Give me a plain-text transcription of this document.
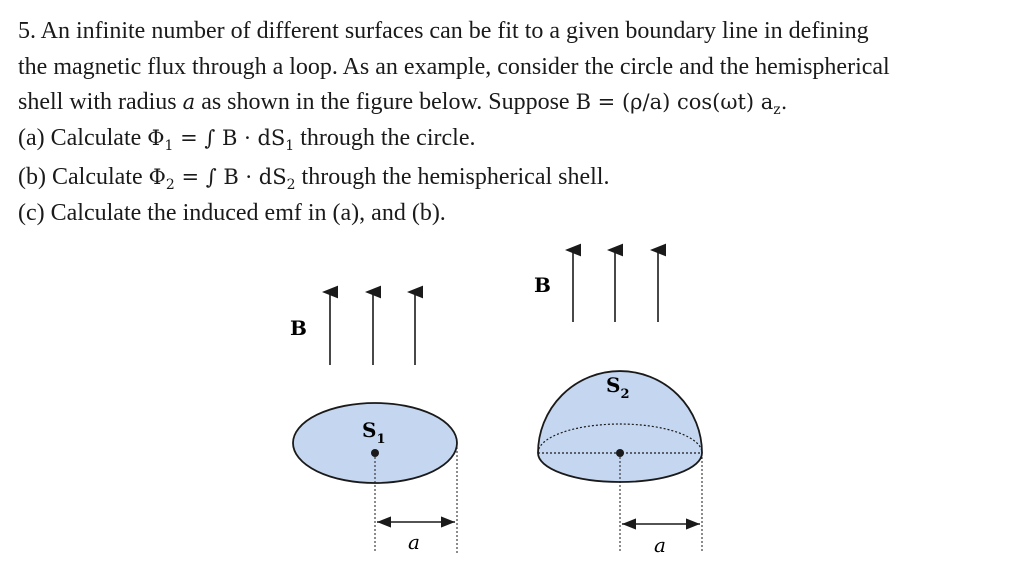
5. An infinite number of different surfaces can be fit to a given boundary line in defining
the magnetic flux through a loop. As an example, consider the circle and the hemispherical
shell with radius a as shown in the figure below. Suppose B = (ρ/a) cos(ωt) $a_z$.
(a) Calculate $\Phi_1$ = ∫ $B \cdot dS_1$ through the circle.
(b) Calculate $\Phi_2$ = ∫ $B \cdot dS_2$ through the hemispherical shell.
(c) Calculate the induced emf in (a), and (b).
B
$S_1$
a
B
$S_2$
a
